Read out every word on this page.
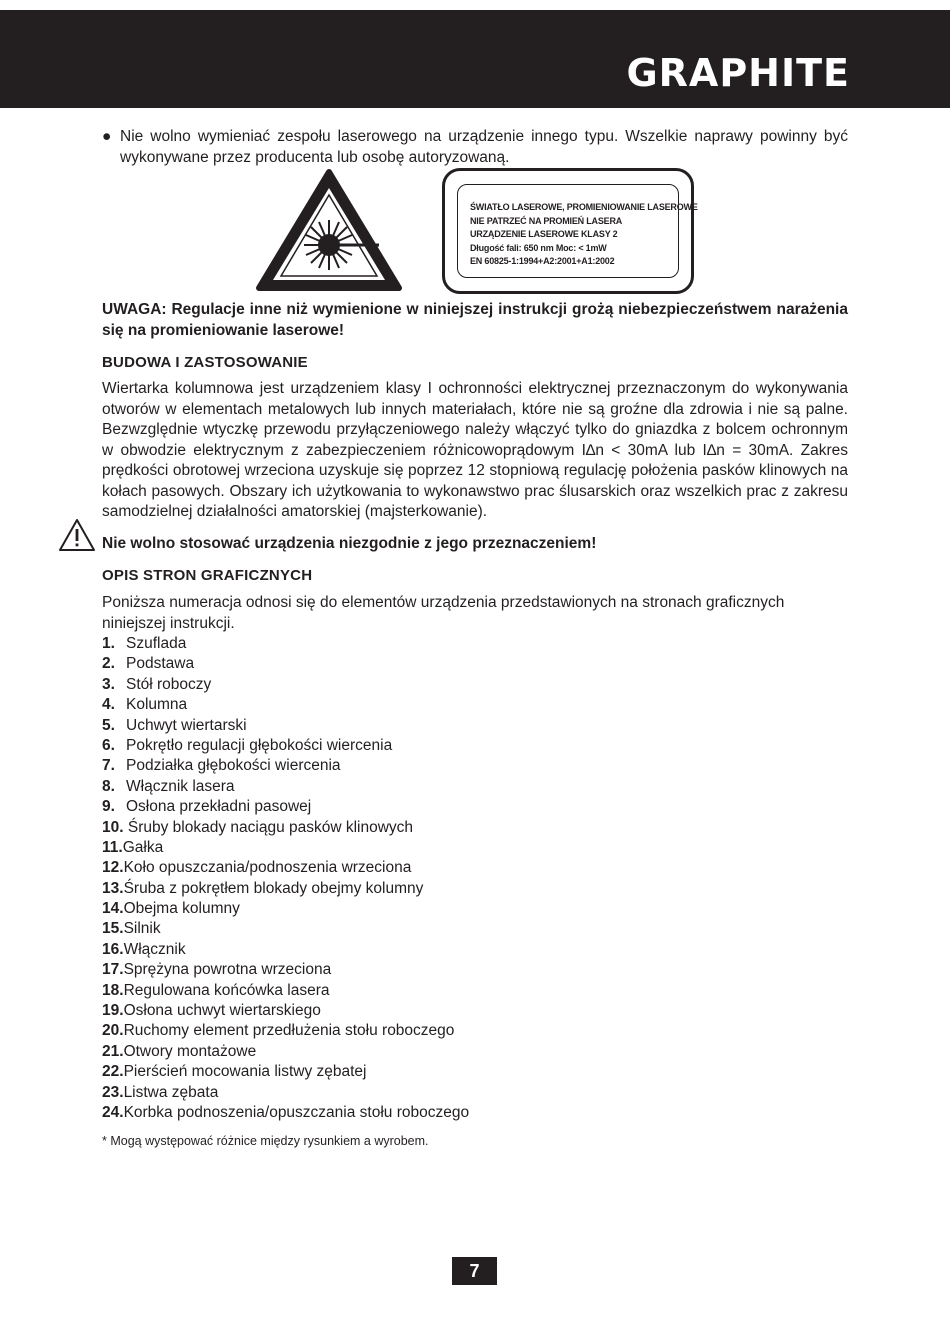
GRAPHITE
● Nie wolno wymieniać zespołu laserowego na urządzenie innego typu. Wszelkie naprawy powinny być wykonywane przez producenta lub osobę autoryzowaną.
ŚWIATŁO LASEROWE, PROMIENIOWANIE LASEROWE
NIE PATRZEĆ NA PROMIEŃ LASERA
URZĄDZENIE LASEROWE KLASY 2
Długość fali: 650 nm Moc: < 1mW
EN 60825-1:1994+A2:2001+A1:2002
UWAGA: Regulacje inne niż wymienione w niniejszej instrukcji grożą niebezpieczeństwem narażenia się na promieniowanie laserowe!
BUDOWA I ZASTOSOWANIE
Wiertarka kolumnowa jest urządzeniem klasy I ochronności elektrycznej przeznaczonym do wykonywania otworów w elementach metalowych lub innych materiałach, które nie są groźne dla zdrowia i nie są palne. Bezwzględnie wtyczkę przewodu przyłączeniowego należy włączyć tylko do gniazdka z bolcem ochronnym w obwodzie elektrycznym z zabezpieczeniem różnicowoprądowym I∆n < 30mA lub I∆n = 30mA. Zakres prędkości obrotowej wrzeciona uzyskuje się poprzez 12 stopniową regulację położenia pasków klinowych na kołach pasowych. Obszary ich użytkowania to wykonawstwo prac ślusarskich oraz wszelkich prac z zakresu samodzielnej działalności amatorskiej (majsterkowanie).
Nie wolno stosować urządzenia niezgodnie z jego przeznaczeniem!
OPIS STRON GRAFICZNYCH
Poniższa numeracja odnosi się do elementów urządzenia przedstawionych na stronach graficznych niniejszej instrukcji.
1. Szuflada
2. Podstawa
3. Stół roboczy
4. Kolumna
5. Uchwyt wiertarski
6. Pokrętło regulacji głębokości wiercenia
7. Podziałka głębokości wiercenia
8. Włącznik lasera
9. Osłona przekładni pasowej
10. Śruby blokady naciągu pasków klinowych
11.Gałka
12.Koło opuszczania/podnoszenia wrzeciona
13.Śruba z pokrętłem blokady obejmy kolumny
14.Obejma kolumny
15.Silnik
16.Włącznik
17.Sprężyna powrotna wrzeciona
18.Regulowana końcówka lasera
19.Osłona uchwyt wiertarskiego
20.Ruchomy element przedłużenia stołu roboczego
21.Otwory montażowe
22.Pierścień mocowania listwy zębatej
23.Listwa zębata
24.Korbka podnoszenia/opuszczania stołu roboczego
* Mogą występować różnice między rysunkiem a wyrobem.
7
